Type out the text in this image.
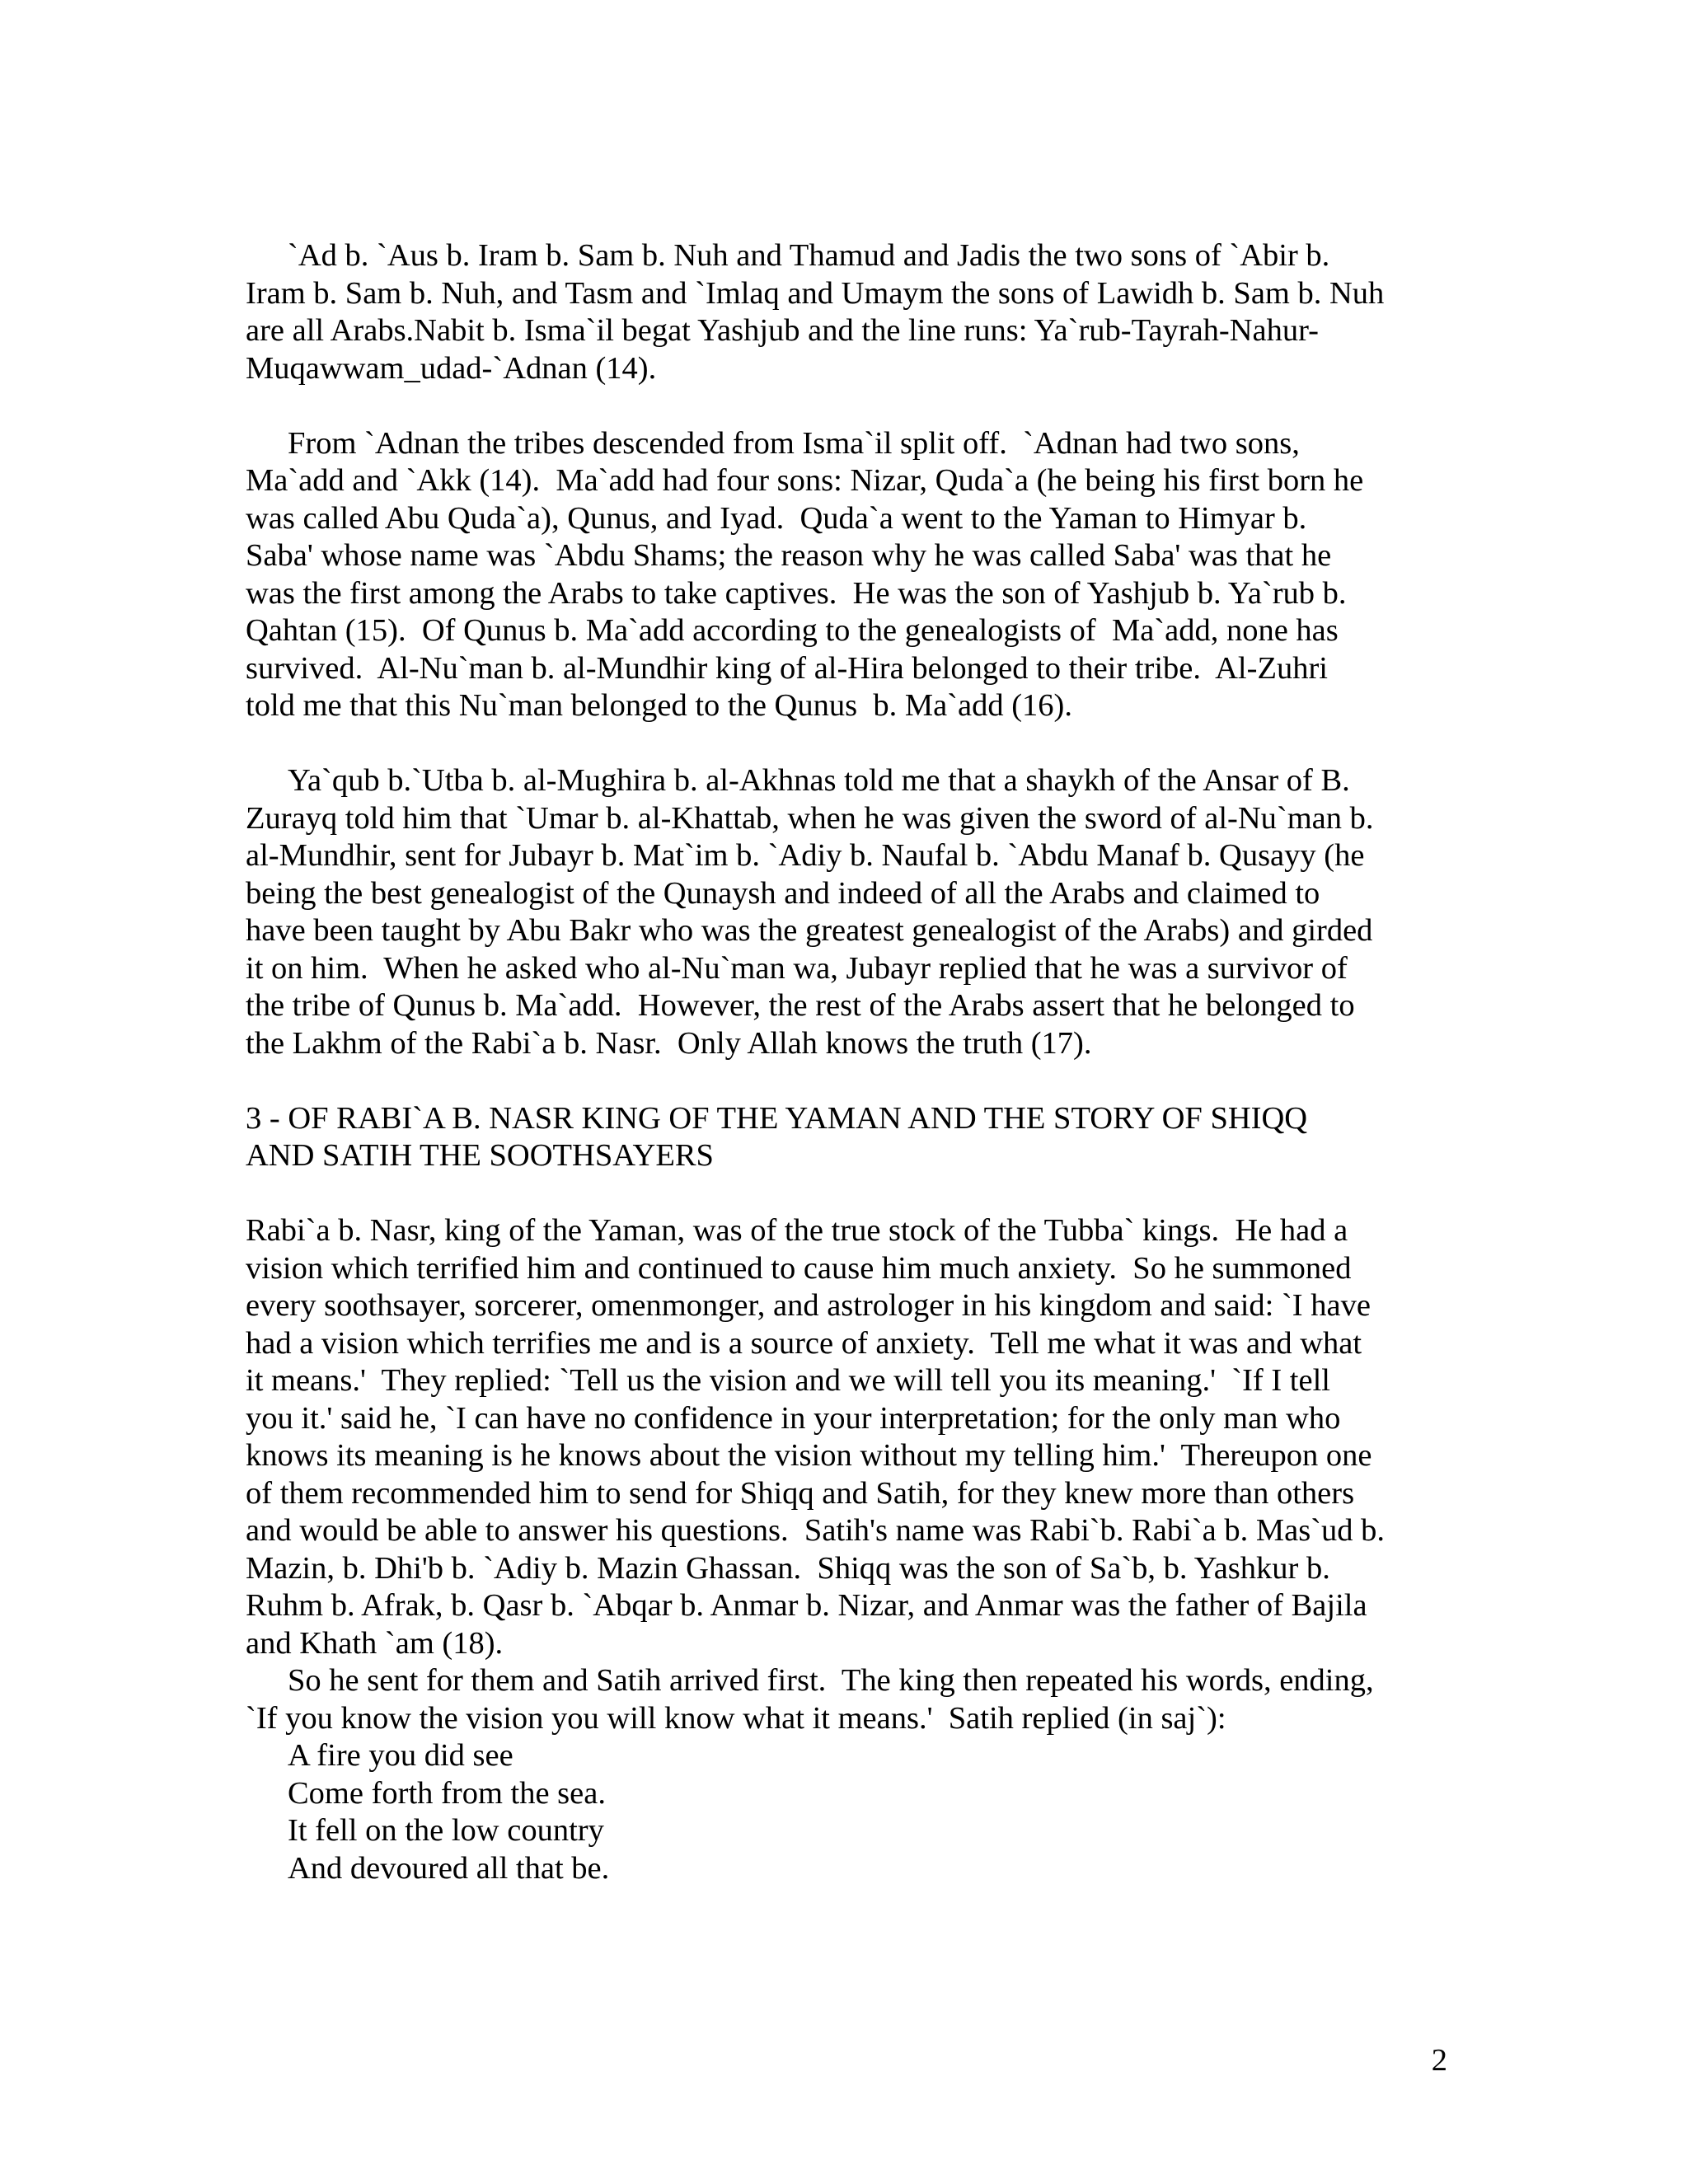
`Ad b. `Aus b. Iram b. Sam b. Nuh and Thamud and Jadis the two sons of `Abir b.
Iram b. Sam b. Nuh, and Tasm and `Imlaq and Umaym the sons of Lawidh b. Sam b. Nuh
are all Arabs.Nabit b. Isma`il begat Yashjub and the line runs: Ya`rub-Tayrah-Nahur-
Muqawwam_udad-`Adnan (14).
From `Adnan the tribes descended from Isma`il split off.  `Adnan had two sons,
Ma`add and `Akk (14).  Ma`add had four sons: Nizar, Quda`a (he being his first born he
was called Abu Quda`a), Qunus, and Iyad.  Quda`a went to the Yaman to Himyar b.
Saba' whose name was `Abdu Shams; the reason why he was called Saba' was that he
was the first among the Arabs to take captives.  He was the son of Yashjub b. Ya`rub b.
Qahtan (15).  Of Qunus b. Ma`add according to the genealogists of  Ma`add, none has
survived.  Al-Nu`man b. al-Mundhir king of al-Hira belonged to their tribe.  Al-Zuhri
told me that this Nu`man belonged to the Qunus  b. Ma`add (16).
Ya`qub b.`Utba b. al-Mughira b. al-Akhnas told me that a shaykh of the Ansar of B.
Zurayq told him that `Umar b. al-Khattab, when he was given the sword of al-Nu`man b.
al-Mundhir, sent for Jubayr b. Mat`im b. `Adiy b. Naufal b. `Abdu Manaf b. Qusayy (he
being the best genealogist of the Qunaysh and indeed of all the Arabs and claimed to
have been taught by Abu Bakr who was the greatest genealogist of the Arabs) and girded
it on him.  When he asked who al-Nu`man wa, Jubayr replied that he was a survivor of
the tribe of Qunus b. Ma`add.  However, the rest of the Arabs assert that he belonged to
the Lakhm of the Rabi`a b. Nasr.  Only Allah knows the truth (17).
3 - OF RABI`A B. NASR KING OF THE YAMAN AND THE STORY OF SHIQQ
AND SATIH THE SOOTHSAYERS
Rabi`a b. Nasr, king of the Yaman, was of the true stock of the Tubba` kings.  He had a
vision which terrified him and continued to cause him much anxiety.  So he summoned
every soothsayer, sorcerer, omenmonger, and astrologer in his kingdom and said: `I have
had a vision which terrifies me and is a source of anxiety.  Tell me what it was and what
it means.'  They replied: `Tell us the vision and we will tell you its meaning.'  `If I tell
you it.' said he, `I can have no confidence in your interpretation; for the only man who
knows its meaning is he knows about the vision without my telling him.'  Thereupon one
of them recommended him to send for Shiqq and Satih, for they knew more than others
and would be able to answer his questions.  Satih's name was Rabi`b. Rabi`a b. Mas`ud b.
Mazin, b. Dhi'b b. `Adiy b. Mazin Ghassan.  Shiqq was the son of Sa`b, b. Yashkur b.
Ruhm b. Afrak, b. Qasr b. `Abqar b. Anmar b. Nizar, and Anmar was the father of Bajila
and Khath `am (18).
So he sent for them and Satih arrived first.  The king then repeated his words, ending,
`If you know the vision you will know what it means.'  Satih replied (in saj`):
A fire you did see
Come forth from the sea.
It fell on the low country
And devoured all that be.
2
